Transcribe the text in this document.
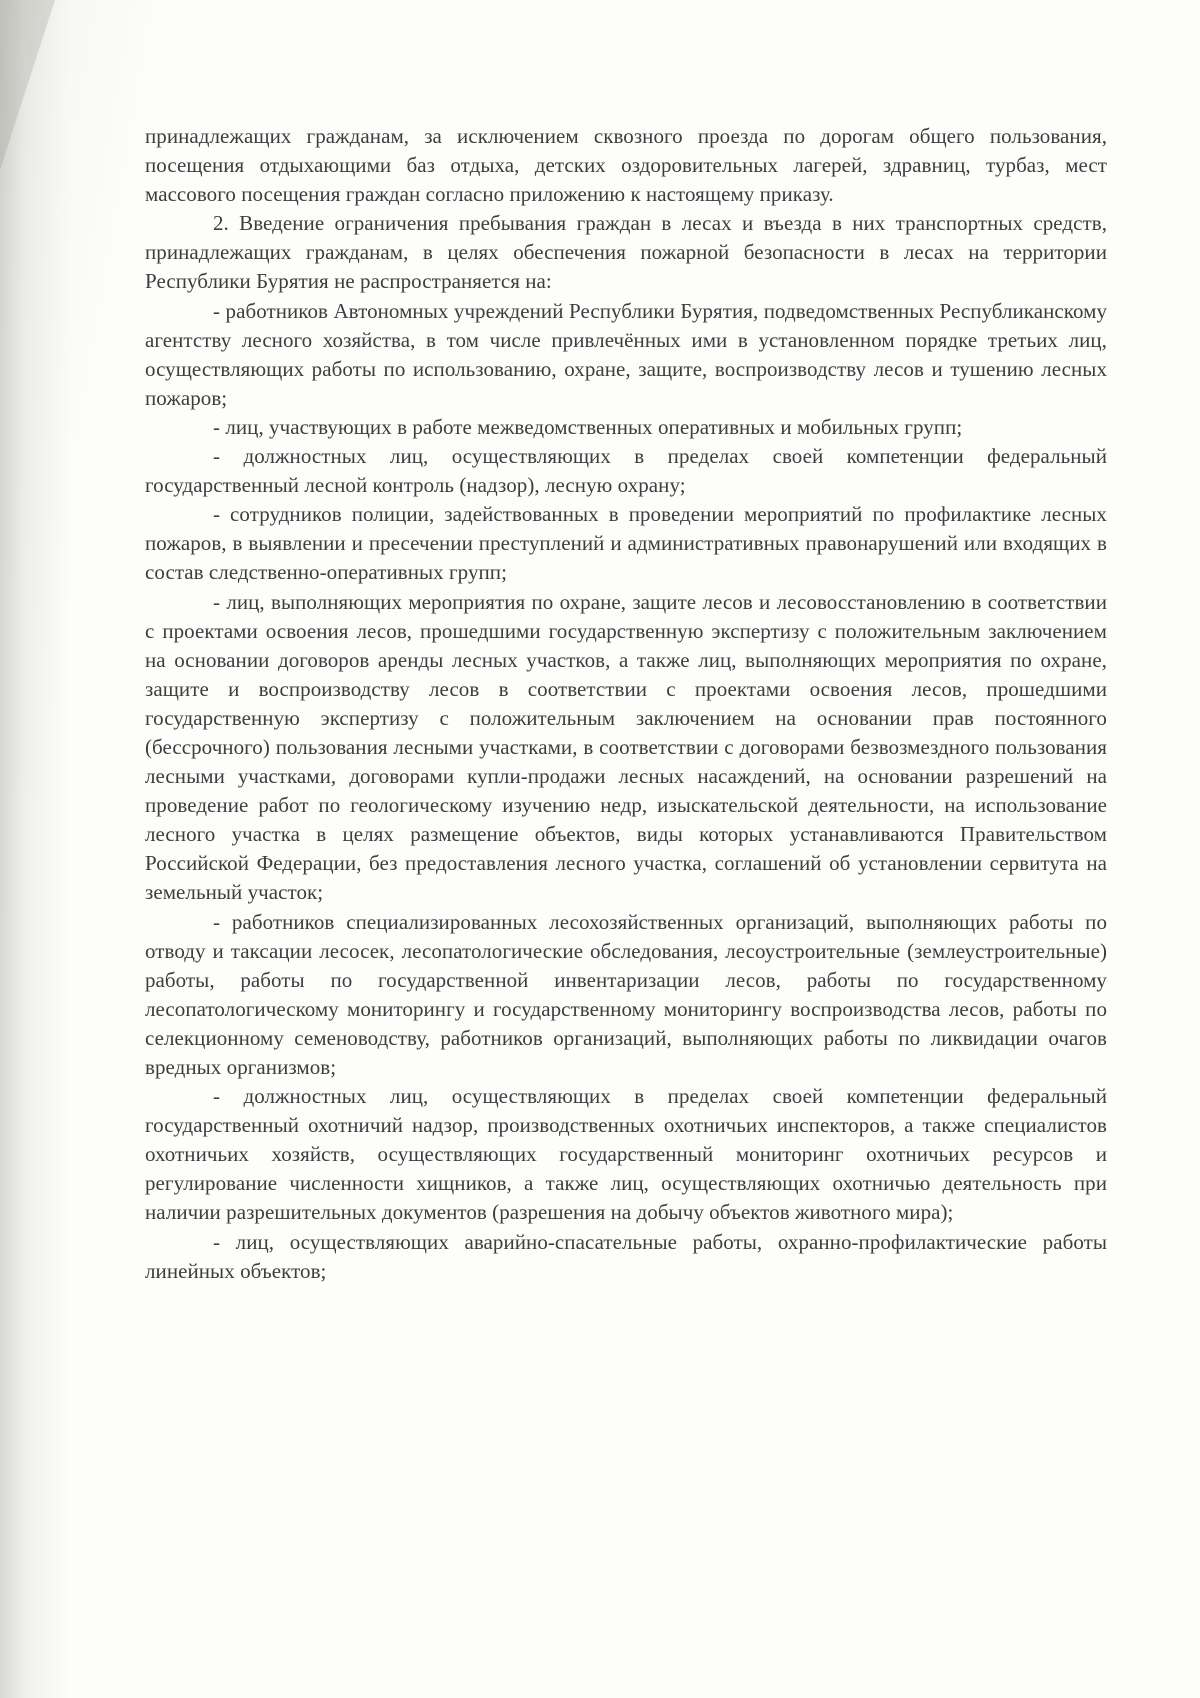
принадлежащих гражданам, за исключением сквозного проезда по дорогам общего пользования, посещения отдыхающими баз отдыха, детских оздоровительных лагерей, здравниц, турбаз, мест массового посещения граждан согласно приложению к настоящему приказу.

2. Введение ограничения пребывания граждан в лесах и въезда в них транспортных средств, принадлежащих гражданам, в целях обеспечения пожарной безопасности в лесах на территории Республики Бурятия не распространяется на:

- работников Автономных учреждений Республики Бурятия, подведомственных Республиканскому агентству лесного хозяйства, в том числе привлечённых ими в установленном порядке третьих лиц, осуществляющих работы по использованию, охране, защите, воспроизводству лесов и тушению лесных пожаров;

- лиц, участвующих в работе межведомственных оперативных и мобильных групп;

- должностных лиц, осуществляющих в пределах своей компетенции федеральный государственный лесной контроль (надзор), лесную охрану;

- сотрудников полиции, задействованных в проведении мероприятий по профилактике лесных пожаров, в выявлении и пресечении преступлений и административных правонарушений или входящих в состав следственно-оперативных групп;

- лиц, выполняющих мероприятия по охране, защите лесов и лесовосстановлению в соответствии с проектами освоения лесов, прошедшими государственную экспертизу с положительным заключением на основании договоров аренды лесных участков, а также лиц, выполняющих мероприятия по охране, защите и воспроизводству лесов в соответствии с проектами освоения лесов, прошедшими государственную экспертизу с положительным заключением на основании прав постоянного (бессрочного) пользования лесными участками, в соответствии с договорами безвозмездного пользования лесными участками, договорами купли-продажи лесных насаждений, на основании разрешений на проведение работ по геологическому изучению недр, изыскательской деятельности, на использование лесного участка в целях размещение объектов, виды которых устанавливаются Правительством Российской Федерации, без предоставления лесного участка, соглашений об установлении сервитута на земельный участок;

- работников специализированных лесохозяйственных организаций, выполняющих работы по отводу и таксации лесосек, лесопатологические обследования, лесоустроительные (землеустроительные) работы, работы по государственной инвентаризации лесов, работы по государственному лесопатологическому мониторингу и государственному мониторингу воспроизводства лесов, работы по селекционному семеноводству, работников организаций, выполняющих работы по ликвидации очагов вредных организмов;

- должностных лиц, осуществляющих в пределах своей компетенции федеральный государственный охотничий надзор, производственных охотничьих инспекторов, а также специалистов охотничьих хозяйств, осуществляющих государственный мониторинг охотничьих ресурсов и регулирование численности хищников, а также лиц, осуществляющих охотничью деятельность при наличии разрешительных документов (разрешения на добычу объектов животного мира);

- лиц, осуществляющих аварийно-спасательные работы, охранно-профилактические работы линейных объектов;
